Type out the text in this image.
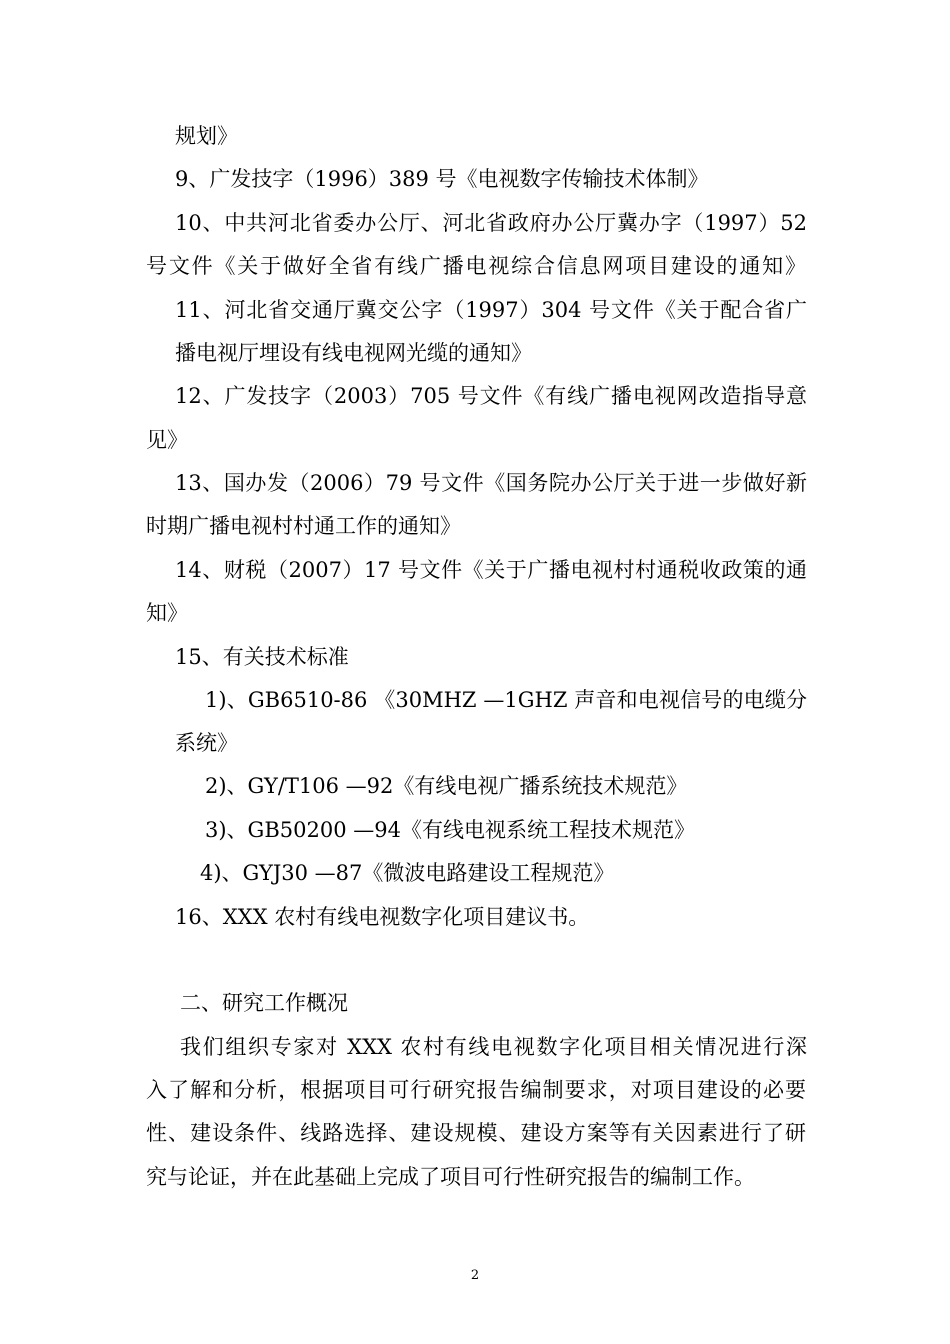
规划》
9、广发技字（1996）389 号《电视数字传输技术体制》
10、中共河北省委办公厅、河北省政府办公厅冀办字（1997）52
号文件《关于做好全省有线广播电视综合信息网项目建设的通知》
11、河北省交通厅冀交公字（1997）304 号文件《关于配合省广
播电视厅埋设有线电视网光缆的通知》
12、广发技字（2003）705 号文件《有线广播电视网改造指导意
见》
13、国办发（2006）79 号文件《国务院办公厅关于进一步做好新
时期广播电视村村通工作的通知》
14、财税（2007）17 号文件《关于广播电视村村通税收政策的通
知》
15、有关技术标准
1)、GB6510-86 《30MHZ —1GHZ 声音和电视信号的电缆分
系统》
2)、GY/T106 —92《有线电视广播系统技术规范》
3)、GB50200 —94《有线电视系统工程技术规范》
4)、GYJ30 —87《微波电路建设工程规范》
16、XXX 农村有线电视数字化项目建议书。
二、研究工作概况
我们组织专家对 XXX 农村有线电视数字化项目相关情况进行深
入了解和分析，根据项目可行研究报告编制要求，对项目建设的必要
性、建设条件、线路选择、建设规模、建设方案等有关因素进行了研
究与论证，并在此基础上完成了项目可行性研究报告的编制工作。
2
